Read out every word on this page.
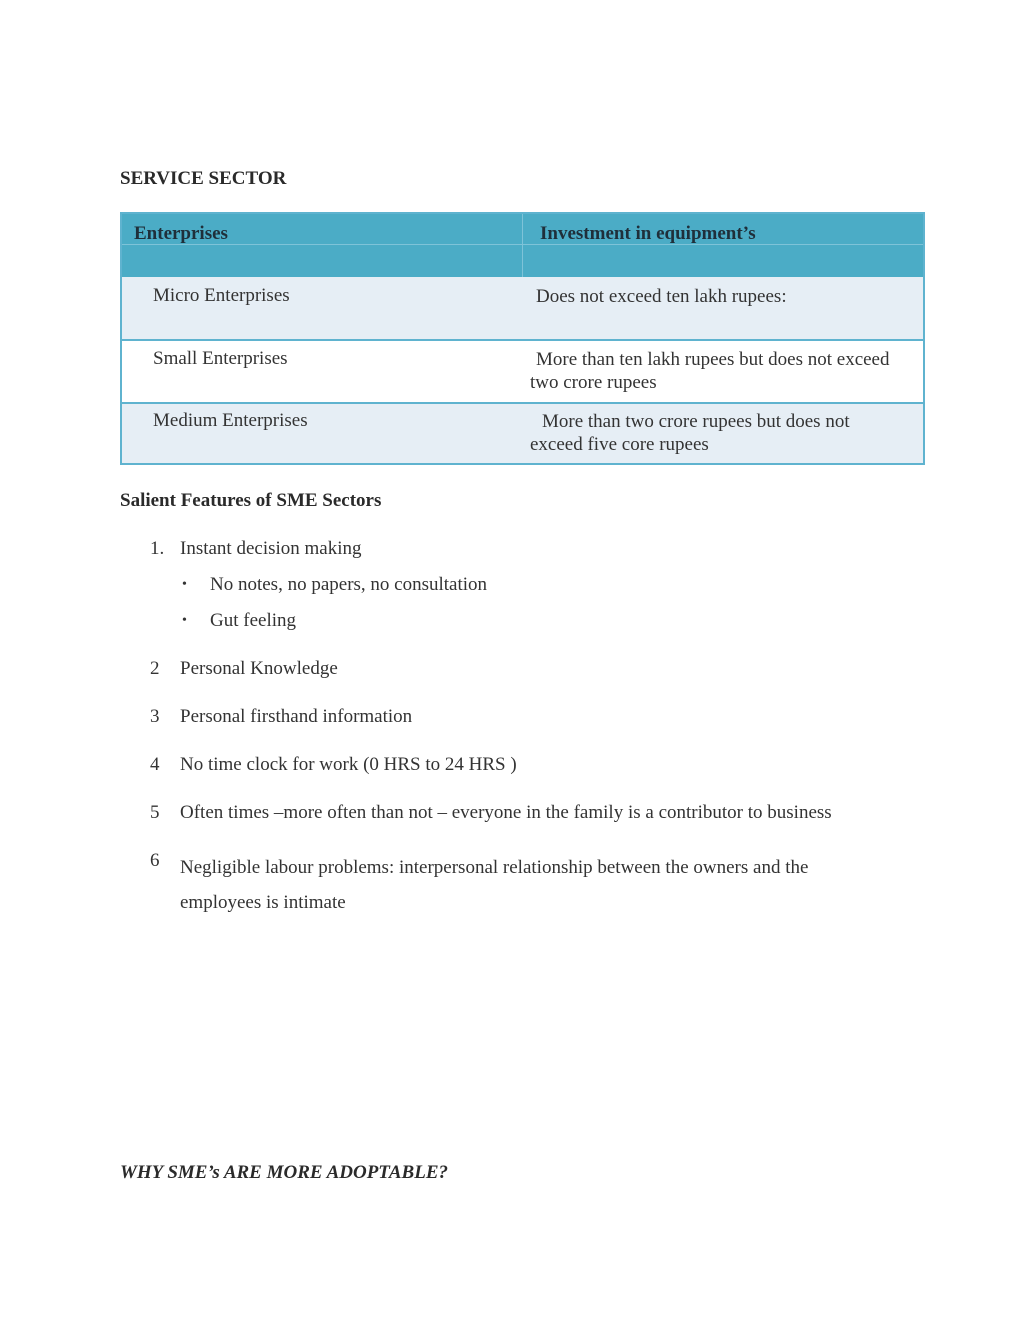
SERVICE SECTOR
Enterprises	Investment in equipment’s
Micro Enterprises	Does not exceed ten lakh rupees:
Small Enterprises	More than ten lakh rupees but does not exceed
two crore rupees
Medium Enterprises	More than two crore rupees but does not
exceed five core rupees
Salient Features of SME Sectors
1. Instant decision making
• No notes, no papers, no consultation
• Gut feeling
2 Personal Knowledge
3 Personal firsthand information
4 No time clock for work (0 HRS to 24 HRS )
5 Often times –more often than not – everyone in the family is a contributor to business
6 Negligible labour problems: interpersonal relationship between the owners and the
employees is intimate
WHY SME’s ARE MORE ADOPTABLE?
